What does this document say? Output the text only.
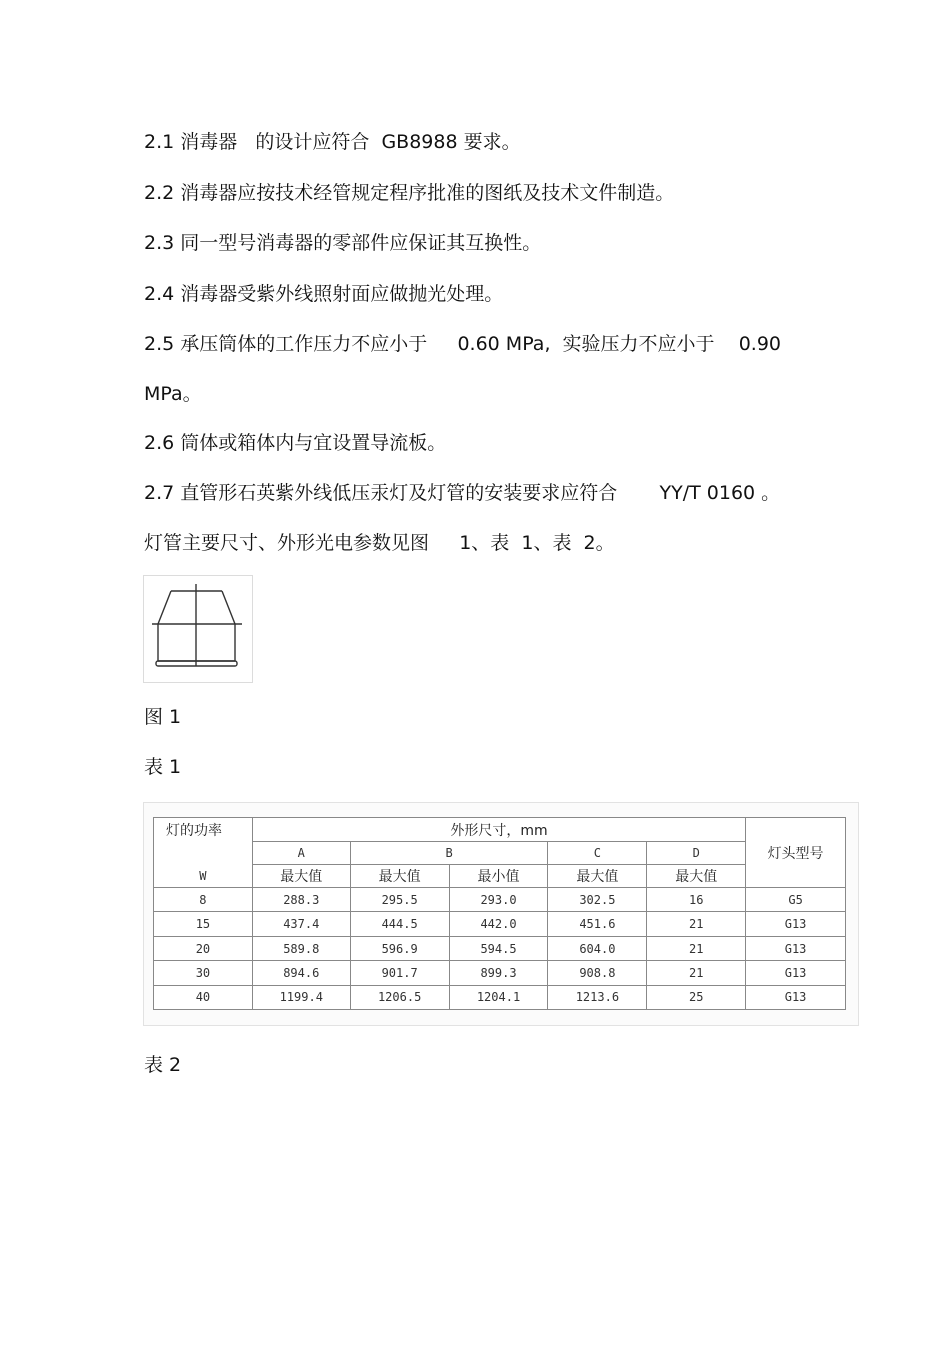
2.1 消毒器   的设计应符合  GB8988 要求。
2.2 消毒器应按技术经管规定程序批准的图纸及技术文件制造。
2.3 同一型号消毒器的零部件应保证其互换性。
2.4 消毒器受紫外线照射面应做抛光处理。
2.5 承压筒体的工作压力不应小于     0.60 MPa,  实验压力不应小于    0.90
MPa。
2.6 筒体或箱体内与宜设置导流板。
2.7 直管形石英紫外线低压汞灯及灯管的安装要求应符合       YY/T 0160 。
灯管主要尺寸、外形光电参数见图     1、表  1、表  2。
图 1
表 1
灯的功率	外形尺寸，mm					灯头型号
	A	B		C	D	
W	最大值	最大值	最小值	最大值	最大值	
8	288.3	295.5	293.0	302.5	16	G5
15	437.4	444.5	442.0	451.6	21	G13
20	589.8	596.9	594.5	604.0	21	G13
30	894.6	901.7	899.3	908.8	21	G13
40	1199.4	1206.5	1204.1	1213.6	25	G13
表 2
